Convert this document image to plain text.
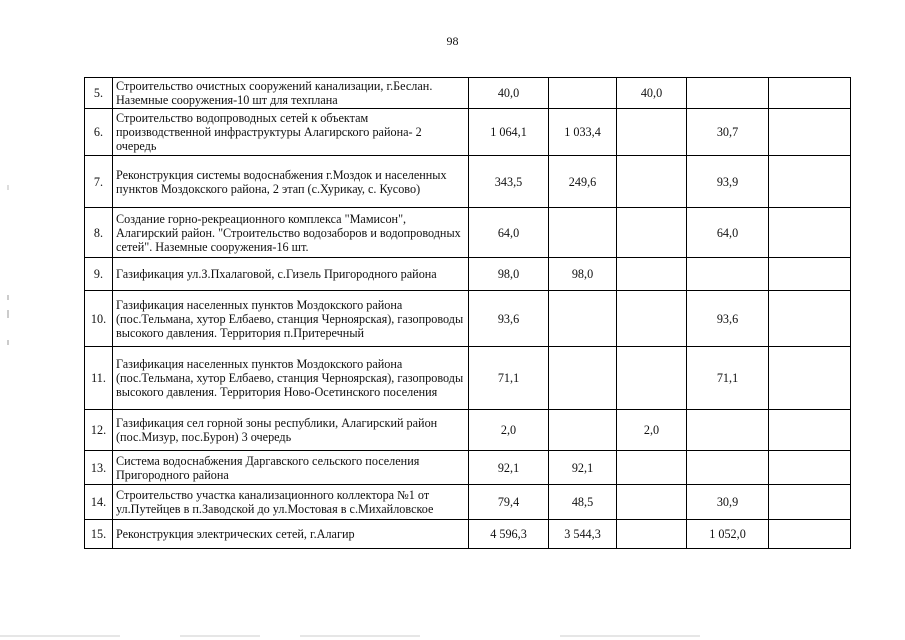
98
5.	Строительство очистных сооружений канализации, г.Беслан. Наземные сооружения-10 шт для техплана	40,0		40,0		
6.	Строительство водопроводных сетей к объектам производственной инфраструктуры Алагирского района- 2 очередь	1 064,1	1 033,4		30,7	
7.	Реконструкция системы водоснабжения г.Моздок и населенных пунктов Моздокского района, 2 этап (с.Хурикау, с. Кусово)	343,5	249,6		93,9	
8.	Создание горно-рекреационного комплекса "Мамисон", Алагирский район. "Строительство водозаборов и водопроводных сетей". Наземные сооружения-16 шт.	64,0			64,0	
9.	Газификация ул.З.Пхалаговой, с.Гизель Пригородного района	98,0	98,0			
10.	Газификация населенных пунктов Моздокского района (пос.Тельмана, хутор Елбаево, станция Черноярская), газопроводы высокого давления. Территория п.Притеречный	93,6			93,6	
11.	Газификация населенных пунктов Моздокского района (пос.Тельмана, хутор Елбаево, станция Черноярская), газопроводы высокого давления. Территория Ново-Осетинского поселения	71,1			71,1	
12.	Газификация сел горной зоны республики, Алагирский район (пос.Мизур, пос.Бурон) 3 очередь	2,0		2,0		
13.	Система водоснабжения Даргавского сельского поселения Пригородного района	92,1	92,1			
14.	Строительство участка канализационного коллектора №1 от ул.Путейцев в п.Заводской до ул.Мостовая в с.Михайловское	79,4	48,5		30,9	
15.	Реконструкция электрических сетей, г.Алагир	4 596,3	3 544,3		1 052,0	
